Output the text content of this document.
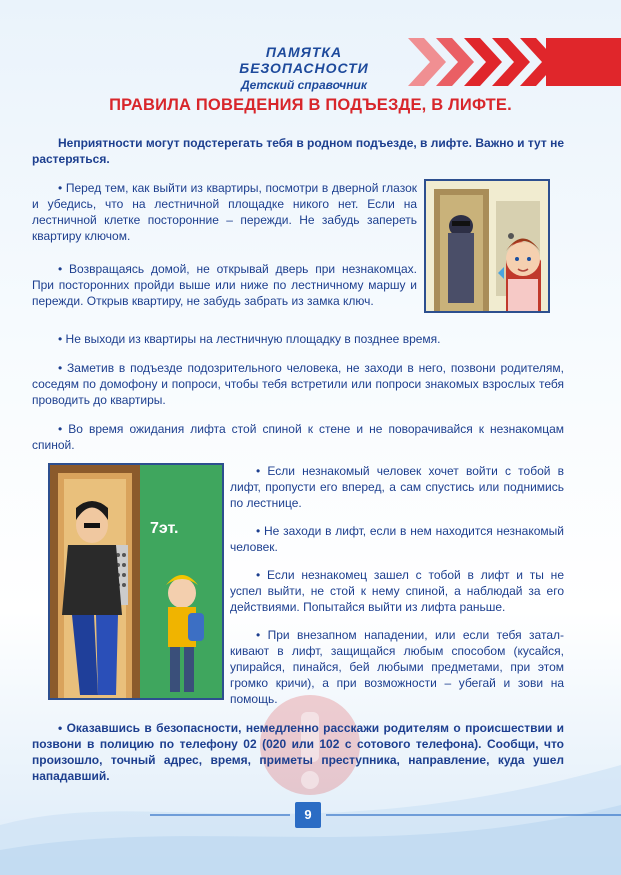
ПАМЯТКА БЕЗОПАСНОСТИ
Детский справочник
ПРАВИЛА ПОВЕДЕНИЯ В ПОДЪЕЗДЕ, В ЛИФТЕ.
Неприятности могут подстерегать тебя в родном подъезде, в лифте. Важно и тут не растеряться.
• Перед тем, как выйти из квартиры, посмотри в дверной глазок и убедись, что на лестничной площадке никого нет. Если на лестничной клетке посторонние – пережди. Не забудь запереть квартиру ключом.
• Возвращаясь домой, не открывай дверь при незнакомцах. При посторонних пройди выше или ниже по лестничному маршу и пережди. Открыв квартиру, не забудь забрать из замка ключ.
• Не выходи из квартиры на лестничную площадку в позднее время.
• Заметив в подъезде подозрительного человека, не заходи в него, позвони родителям, соседям по домофону и попроси, чтобы тебя встретили или попроси знакомых взрослых тебя проводить до квартиры.
• Во время ожидания лифта стой спиной к стене и не поворачивайся к незнакомцам спиной.
7эт.
• Если незнакомый человек хочет войти с тобой в лифт, пропусти его вперед, а сам спустись или поднимись по лестнице.
• Не заходи в лифт, если в нем находится незнакомый человек.
• Если незнакомец зашел с тобой в лифт и ты не успел выйти, не стой к нему спиной, а наблюдай за его действиями. Попытайся выйти из лифта раньше.
• При внезапном нападении, или если тебя затал-кивают в лифт, защищайся любым способом (кусайся, упирайся, пинайся, бей любыми предметами, при этом громко кричи), а при возможности – убегай и зови на помощь.
• Оказавшись в безопасности, немедленно расскажи родителям о происшествии и позвони в полицию по телефону 02 (020 или 102 с сотового телефона). Сообщи, что произошло, точный адрес, время, приметы преступника, направление, куда ушел нападавший.
9
